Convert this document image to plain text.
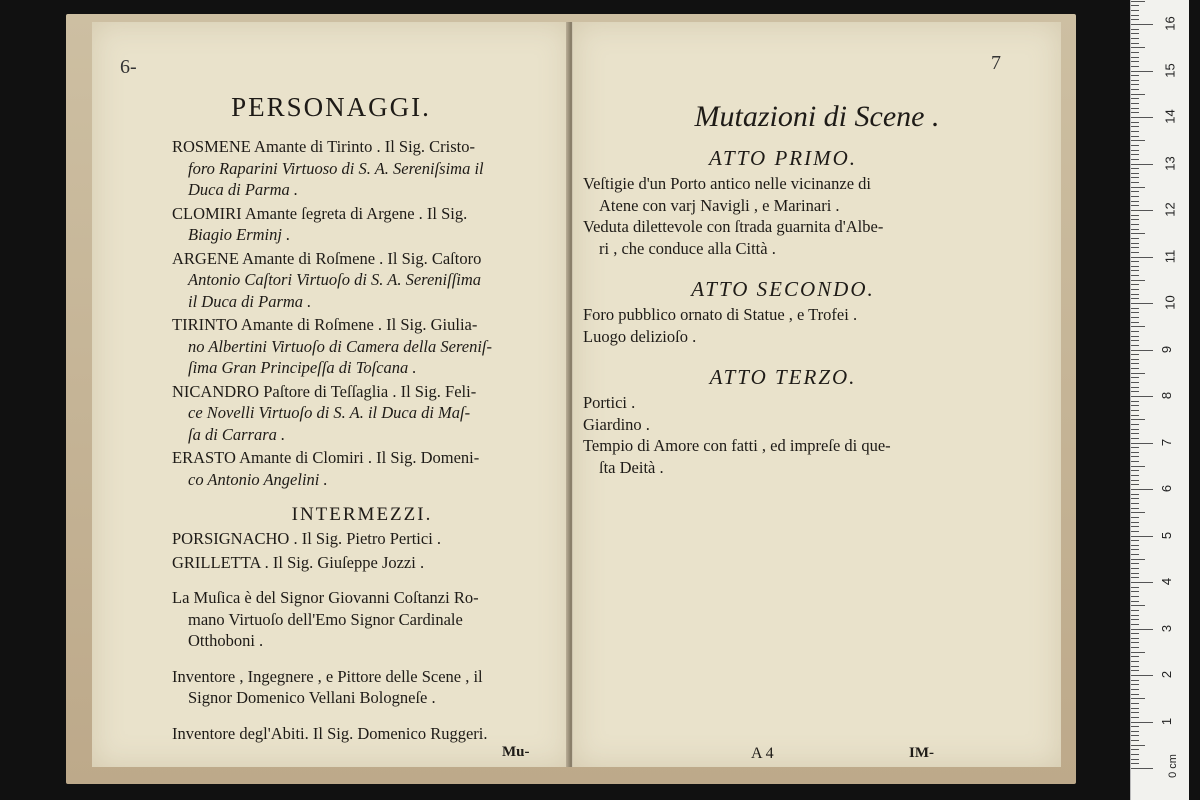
6-
PERSONAGGI.
ROSMENE Amante di Tirinto . Il Sig. Cristo-
foro Raparini Virtuoso di S. A. Sereniſsima il
Duca di Parma .
CLOMIRI Amante ſegreta di Argene . Il Sig.
Biagio Erminj .
ARGENE Amante di Roſmene . Il Sig. Caſtoro
Antonio Caſtori Virtuoſo di S. A. Sereniſſima
il Duca di Parma .
TIRINTO Amante di Roſmene . Il Sig. Giulia-
no Albertini Virtuoſo di Camera della Sereniſ-
ſima Gran Principeſſa di Toſcana .
NICANDRO Paſtore di Teſſaglia . Il Sig. Feli-
ce Novelli Virtuoſo di S. A. il Duca di Maſ-
ſa di Carrara .
ERASTO Amante di Clomiri . Il Sig. Domeni-
co Antonio Angelini .
INTERMEZZI.
PORSIGNACHO . Il Sig. Pietro Pertici .
GRILLETTA . Il Sig. Giuſeppe Jozzi .
La Muſica è del Signor Giovanni Coſtanzi Ro-
mano Virtuoſo dell'Emo Signor Cardinale
Otthoboni .
Inventore , Ingegnere , e Pittore delle Scene , il
Signor Domenico Vellani Bologneſe .
Inventore degl'Abiti. Il Sig. Domenico Ruggeri.
Mu-
7
Mutazioni di Scene .
ATTO PRIMO.
Veſtigie d'un Porto antico nelle vicinanze di
Atene con varj Navigli , e Marinari .
Veduta dilettevole con ſtrada guarnita d'Albe-
ri , che conduce alla Città .
ATTO SECONDO.
Foro pubblico ornato di Statue , e Trofei .
Luogo delizioſo .
ATTO TERZO.
Portici .
Giardino .
Tempio di Amore con fatti , ed impreſe di que-
ſta Deità .
A 4	IM-
0 cm
1
2
3
4
5
6
7
8
9
10
11
12
13
14
15
16
